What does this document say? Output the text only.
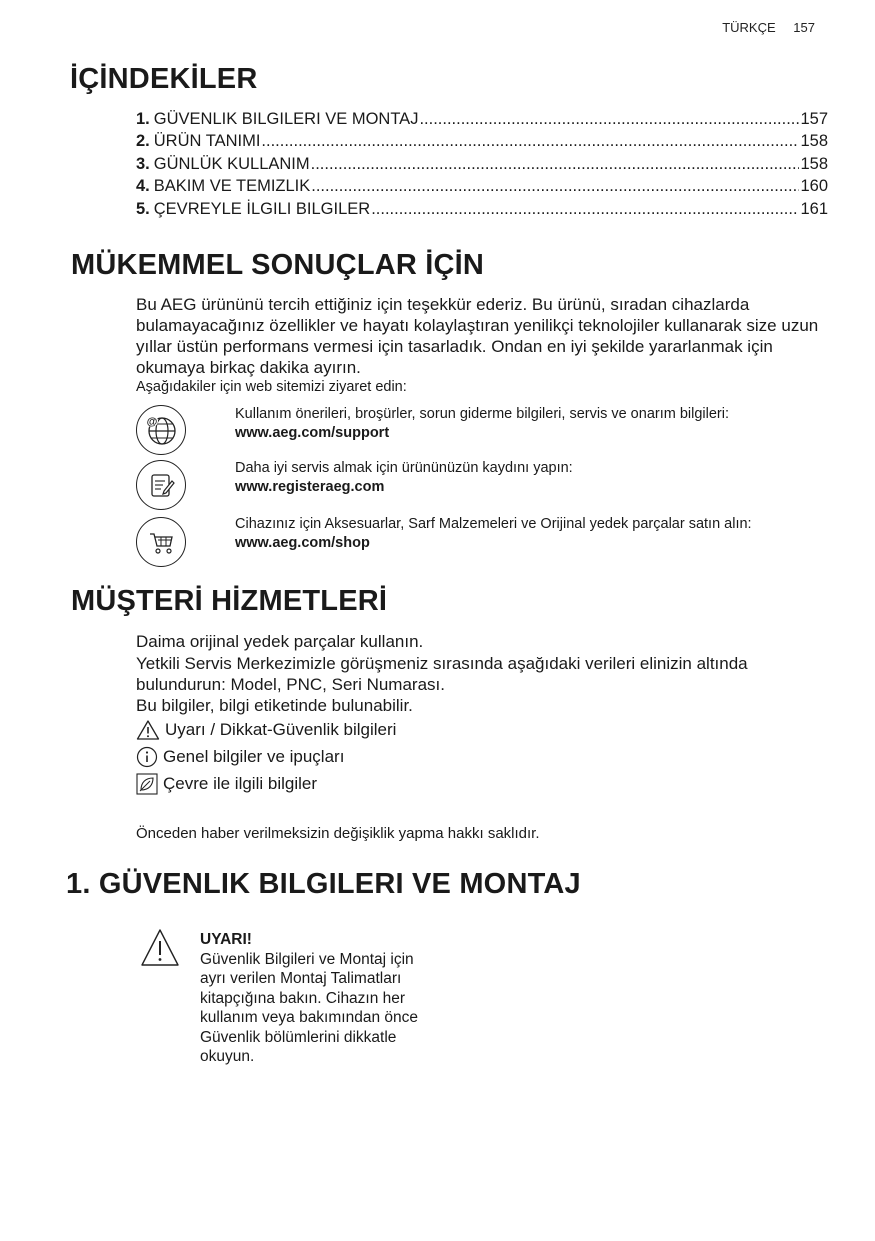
TÜRKÇE 157
İÇİNDEKİLER
1. GÜVENLIK BILGILERI VE MONTAJ .....	157
2. ÜRÜN TANIMI .....	158
3. GÜNLÜK KULLANIM .....	158
4. BAKIM VE TEMIZLIK .....	160
5. ÇEVREYLE İLGILI BILGILER .....	161
MÜKEMMEL SONUÇLAR İÇİN

Bu AEG ürününü tercih ettiğiniz için teşekkür ederiz. Bu ürünü, sıradan cihazlarda bulamayacağınız özellikler ve hayatı kolaylaştıran yenilikçi teknolojiler kullanarak size uzun yıllar üstün performans vermesi için tasarladık. Ondan en iyi şekilde yararlanmak için okumaya birkaç dakika ayırın.

Aşağıdakiler için web sitemizi ziyaret edin:

@	Kullanım önerileri, broşürler, sorun giderme bilgileri, servis ve onarım bilgileri:
www.aeg.com/support
Daha iyi servis almak için ürününüzün kaydını yapın:
www.registeraeg.com
Cihazınız için Aksesuarlar, Sarf Malzemeleri ve Orijinal yedek parçalar satın alın:
www.aeg.com/shop
MÜŞTERİ HİZMETLERİ

Daima orijinal yedek parçalar kullanın.

Yetkili Servis Merkezimizle görüşmeniz sırasında aşağıdaki verileri elinizin altında bulundurun: Model, PNC, Seri Numarası.

Bu bilgiler, bilgi etiketinde bulunabilir.

Uyarı / Dikkat-Güvenlik bilgileri
Genel bilgiler ve ipuçları
Çevre ile ilgili bilgiler

Önceden haber verilmeksizin değişiklik yapma hakkı saklıdır.

1. GÜVENLIK BILGILERI VE MONTAJ
UYARI!
Güvenlik Bilgileri ve Montaj için ayrı verilen Montaj Talimatları kitapçığına bakın. Cihazın her kullanım veya bakımından önce Güvenlik bölümlerini dikkatle okuyun.
